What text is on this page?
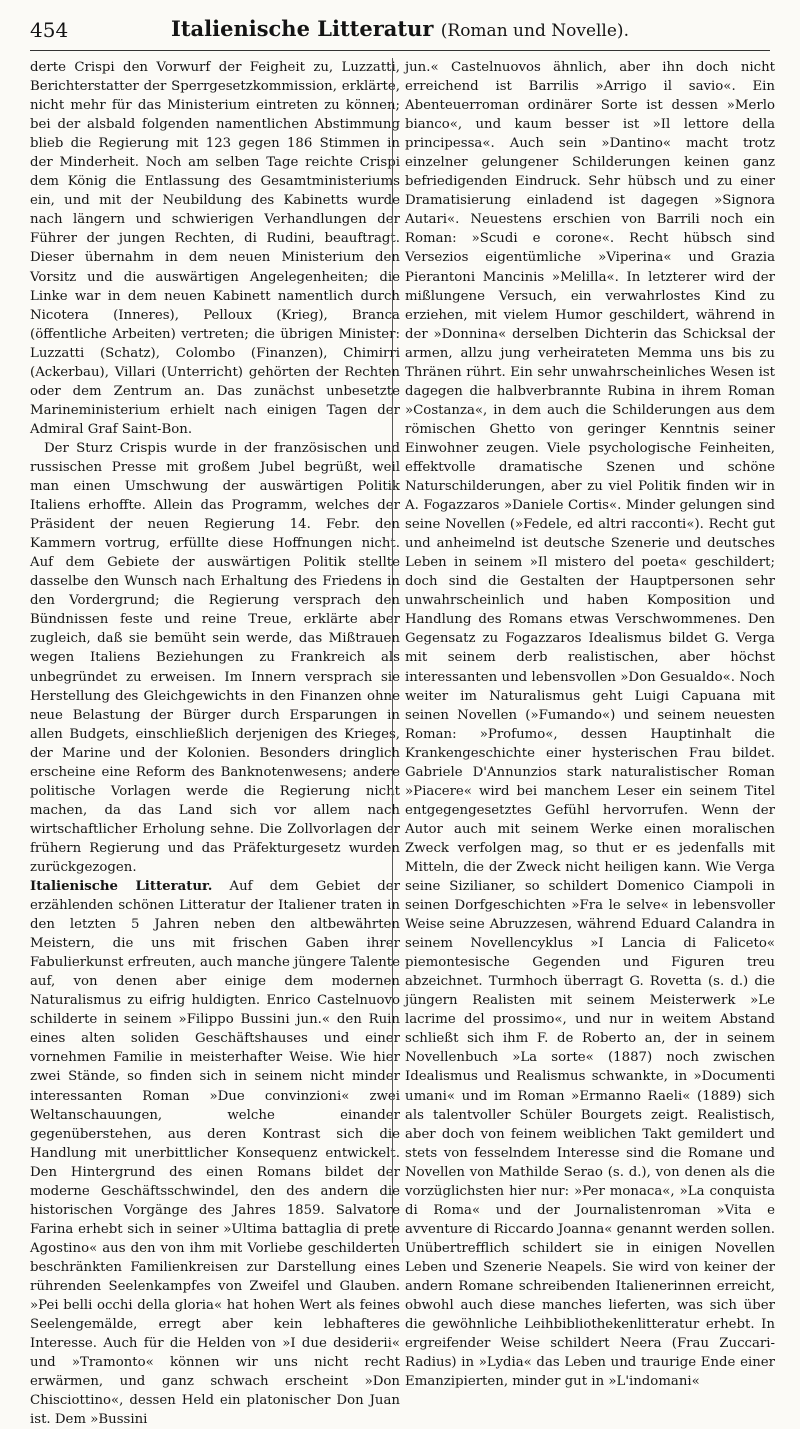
454	Italienische Litteratur (Roman und Novelle).

derte Crispi den Vorwurf der Feigheit zu, Luzzatti, Berichterstatter der Sperrgesetzkommission, erklärte, nicht mehr für das Ministerium eintreten zu können; bei der alsbald folgenden namentlichen Abstimmung blieb die Regierung mit 123 gegen 186 Stimmen in der Minderheit. Noch am selben Tage reichte Crispi dem König die Entlassung des Gesamtministeriums ein, und mit der Neubildung des Kabinetts wurde nach längern und schwierigen Verhandlungen der Führer der jungen Rechten, di Rudini, beauftragt. Dieser übernahm in dem neuen Ministerium den Vorsitz und die auswärtigen Angelegenheiten; die Linke war in dem neuen Kabinett namentlich durch Nicotera (Inneres), Pelloux (Krieg), Branca (öffentliche Arbeiten) vertreten; die übrigen Minister: Luzzatti (Schatz), Colombo (Finanzen), Chimirri (Ackerbau), Villari (Unterricht) gehörten der Rechten oder dem Zentrum an. Das zunächst unbesetzte Marineministerium erhielt nach einigen Tagen der Admiral Graf Saint-Bon.

Der Sturz Crispis wurde in der französischen und russischen Presse mit großem Jubel begrüßt, weil man einen Umschwung der auswärtigen Politik Italiens erhoffte. Allein das Programm, welches der Präsident der neuen Regierung 14. Febr. den Kammern vortrug, erfüllte diese Hoffnungen nicht. Auf dem Gebiete der auswärtigen Politik stellte dasselbe den Wunsch nach Erhaltung des Friedens in den Vordergrund; die Regierung versprach den Bündnissen feste und reine Treue, erklärte aber zugleich, daß sie bemüht sein werde, das Mißtrauen wegen Italiens Beziehungen zu Frankreich als unbegründet zu erweisen. Im Innern versprach sie Herstellung des Gleichgewichts in den Finanzen ohne neue Belastung der Bürger durch Ersparungen in allen Budgets, einschließlich derjenigen des Krieges, der Marine und der Kolonien. Besonders dringlich erscheine eine Reform des Banknotenwesens; andere politische Vorlagen werde die Regierung nicht machen, da das Land sich vor allem nach wirtschaftlicher Erholung sehne. Die Zollvorlagen der frühern Regierung und das Präfekturgesetz wurden zurückgezogen.

Italienische Litteratur. Auf dem Gebiet der erzählenden schönen Litteratur der Italiener traten in den letzten 5 Jahren neben den altbewährten Meistern, die uns mit frischen Gaben ihrer Fabulierkunst erfreuten, auch manche jüngere Talente auf, von denen aber einige dem modernen Naturalismus zu eifrig huldigten. Enrico Castelnuovo schilderte in seinem »Filippo Bussini jun.« den Ruin eines alten soliden Geschäftshauses und einer vornehmen Familie in meisterhafter Weise. Wie hier zwei Stände, so finden sich in seinem nicht minder interessanten Roman »Due convinzioni« zwei Weltanschauungen, welche einander gegenüberstehen, aus deren Kontrast sich die Handlung mit unerbittlicher Konsequenz entwickelt. Den Hintergrund des einen Romans bildet der moderne Geschäftsschwindel, den des andern die historischen Vorgänge des Jahres 1859. Salvatore Farina erhebt sich in seiner »Ultima battaglia di prete Agostino« aus den von ihm mit Vorliebe geschilderten beschränkten Familienkreisen zur Darstellung eines rührenden Seelenkampfes von Zweifel und Glauben. »Pei belli occhi della gloria« hat hohen Wert als feines Seelengemälde, erregt aber kein lebhafteres Interesse. Auch für die Helden von »I due desiderii« und »Tramonto« können wir uns nicht recht erwärmen, und ganz schwach erscheint »Don Chisciottino«, dessen Held ein platonischer Don Juan ist. Dem »Bussini

jun.« Castelnuovos ähnlich, aber ihn doch nicht erreichend ist Barrilis »Arrigo il savio«. Ein Abenteuerroman ordinärer Sorte ist dessen »Merlo bianco«, und kaum besser ist »Il lettore della principessa«. Auch sein »Dantino« macht trotz einzelner gelungener Schilderungen keinen ganz befriedigenden Eindruck. Sehr hübsch und zu einer Dramatisierung einladend ist dagegen »Signora Autari«. Neuestens erschien von Barrili noch ein Roman: »Scudi e corone«. Recht hübsch sind Versezios eigentümliche »Viperina« und Grazia Pierantoni Mancinis »Melilla«. In letzterer wird der mißlungene Versuch, ein verwahrlostes Kind zu erziehen, mit vielem Humor geschildert, während in der »Donnina« derselben Dichterin das Schicksal der armen, allzu jung verheirateten Memma uns bis zu Thränen rührt. Ein sehr unwahrscheinliches Wesen ist dagegen die halbverbrannte Rubina in ihrem Roman »Costanza«, in dem auch die Schilderungen aus dem römischen Ghetto von geringer Kenntnis seiner Einwohner zeugen. Viele psychologische Feinheiten, effektvolle dramatische Szenen und schöne Naturschilderungen, aber zu viel Politik finden wir in A. Fogazzaros »Daniele Cortis«. Minder gelungen sind seine Novellen (»Fedele, ed altri racconti«). Recht gut und anheimelnd ist deutsche Szenerie und deutsches Leben in seinem »Il mistero del poeta« geschildert; doch sind die Gestalten der Hauptpersonen sehr unwahrscheinlich und haben Komposition und Handlung des Romans etwas Verschwommenes. Den Gegensatz zu Fogazzaros Idealismus bildet G. Verga mit seinem derb realistischen, aber höchst interessanten und lebensvollen »Don Gesualdo«. Noch weiter im Naturalismus geht Luigi Capuana mit seinen Novellen (»Fumando«) und seinem neuesten Roman: »Profumo«, dessen Hauptinhalt die Krankengeschichte einer hysterischen Frau bildet. Gabriele D'Annunzios stark naturalistischer Roman »Piacere« wird bei manchem Leser ein seinem Titel entgegengesetztes Gefühl hervorrufen. Wenn der Autor auch mit seinem Werke einen moralischen Zweck verfolgen mag, so thut er es jedenfalls mit Mitteln, die der Zweck nicht heiligen kann. Wie Verga seine Sizilianer, so schildert Domenico Ciampoli in seinen Dorfgeschichten »Fra le selve« in lebensvoller Weise seine Abruzzesen, während Eduard Calandra in seinem Novellencyklus »I Lancia di Faliceto« piemontesische Gegenden und Figuren treu abzeichnet. Turmhoch überragt G. Rovetta (s. d.) die jüngern Realisten mit seinem Meisterwerk »Le lacrime del prossimo«, und nur in weitem Abstand schließt sich ihm F. de Roberto an, der in seinem Novellenbuch »La sorte« (1887) noch zwischen Idealismus und Realismus schwankte, in »Documenti umani« und im Roman »Ermanno Raeli« (1889) sich als talentvoller Schüler Bourgets zeigt. Realistisch, aber doch von feinem weiblichen Takt gemildert und stets von fesselndem Interesse sind die Romane und Novellen von Mathilde Serao (s. d.), von denen als die vorzüglichsten hier nur: »Per monaca«, »La conquista di Roma« und der Journalistenroman »Vita e avventure di Riccardo Joanna« genannt werden sollen. Unübertrefflich schildert sie in einigen Novellen Leben und Szenerie Neapels. Sie wird von keiner der andern Romane schreibenden Italienerinnen erreicht, obwohl auch diese manches lieferten, was sich über die gewöhnliche Leihbibliothekenlitteratur erhebt. In ergreifender Weise schildert Neera (Frau Zuccari-Radius) in »Lydia« das Leben und traurige Ende einer Emanzipierten, minder gut in »L'indomani«
